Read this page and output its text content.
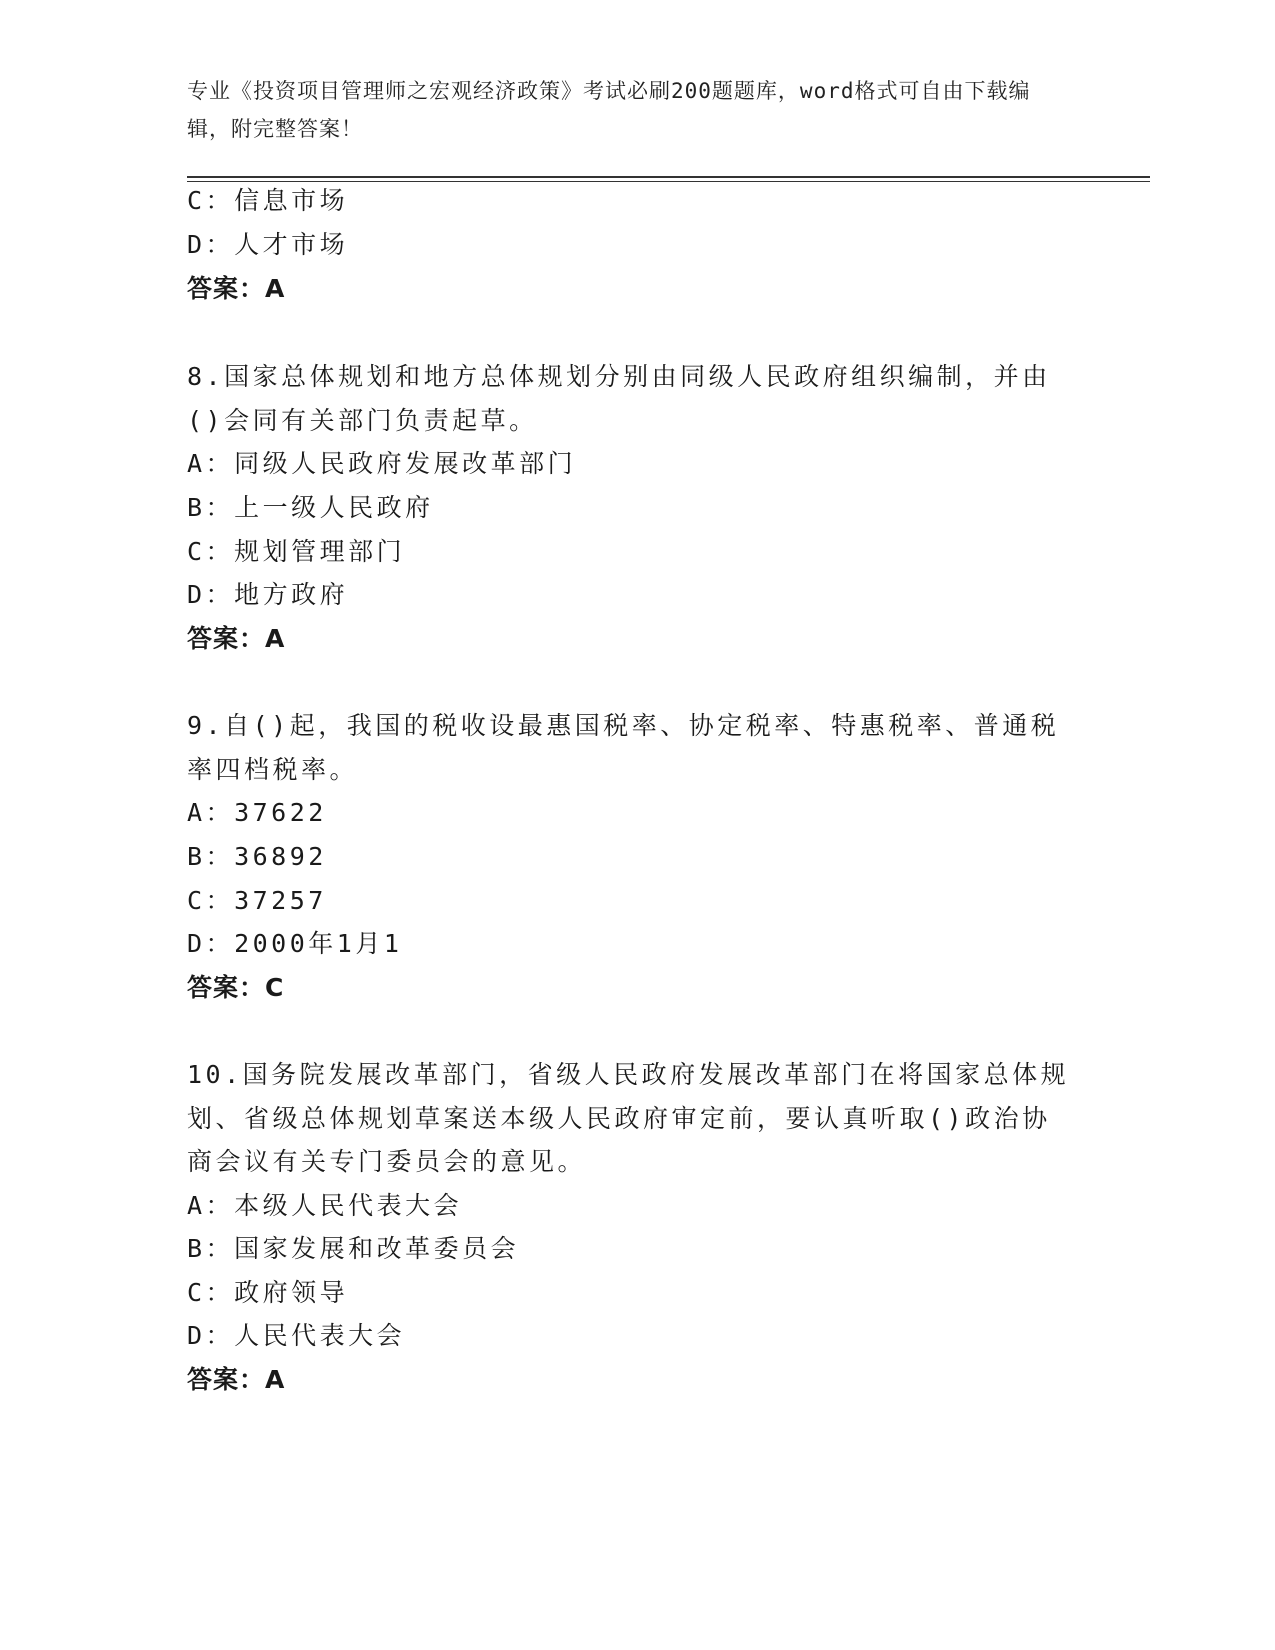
专业《投资项目管理师之宏观经济政策》考试必刷200题题库，word格式可自由下载编辑，附完整答案！
C：信息市场
D：人才市场
答案：A
8.国家总体规划和地方总体规划分别由同级人民政府组织编制，并由
()会同有关部门负责起草。
A：同级人民政府发展改革部门
B：上一级人民政府
C：规划管理部门
D：地方政府
答案：A
9.自()起，我国的税收设最惠国税率、协定税率、特惠税率、普通税
率四档税率。
A：37622
B：36892
C：37257
D：2000年1月1
答案：C
10.国务院发展改革部门，省级人民政府发展改革部门在将国家总体规
划、省级总体规划草案送本级人民政府审定前，要认真听取()政治协
商会议有关专门委员会的意见。
A：本级人民代表大会
B：国家发展和改革委员会
C：政府领导
D：人民代表大会
答案：A
